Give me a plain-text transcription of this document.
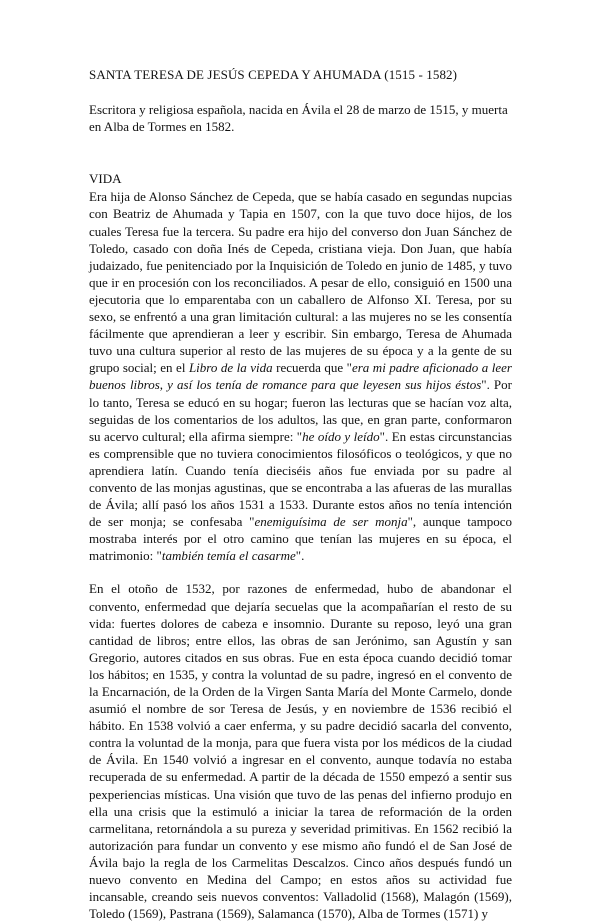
SANTA TERESA DE JESÚS CEPEDA Y AHUMADA (1515 - 1582)

Escritora y religiosa española, nacida en Ávila el 28 de marzo de 1515, y muerta en Alba de Tormes en 1582.

VIDA

Era hija de Alonso Sánchez de Cepeda, que se había casado en segundas nupcias con Beatriz de Ahumada y Tapia en 1507, con la que tuvo doce hijos, de los cuales Teresa fue la tercera. Su padre era hijo del converso don Juan Sánchez de Toledo, casado con doña Inés de Cepeda, cristiana vieja. Don Juan, que había judaizado, fue penitenciado por la Inquisición de Toledo en junio de 1485, y tuvo que ir en procesión con los reconciliados. A pesar de ello, consiguió en 1500 una ejecutoria que lo emparentaba con un caballero de Alfonso XI. Teresa, por su sexo, se enfrentó a una gran limitación cultural: a las mujeres no se les consentía fácilmente que aprendieran a leer y escribir. Sin embargo, Teresa de Ahumada tuvo una cultura superior al resto de las mujeres de su época y a la gente de su grupo social; en el Libro de la vida recuerda que "era mi padre aficionado a leer buenos libros, y así los tenía de romance para que leyesen sus hijos éstos". Por lo tanto, Teresa se educó en su hogar; fueron las lecturas que se hacían voz alta, seguidas de los comentarios de los adultos, las que, en gran parte, conformaron su acervo cultural; ella afirma siempre: "he oído y leído". En estas circunstancias es comprensible que no tuviera conocimientos filosóficos o teológicos, y que no aprendiera latín. Cuando tenía dieciséis años fue enviada por su padre al convento de las monjas agustinas, que se encontraba a las afueras de las murallas de Ávila; allí pasó los años 1531 a 1533. Durante estos años no tenía intención de ser monja; se confesaba "enemiguísima de ser monja", aunque tampoco mostraba interés por el otro camino que tenían las mujeres en su época, el matrimonio: "también temía el casarme".

En el otoño de 1532, por razones de enfermedad, hubo de abandonar el convento, enfermedad que dejaría secuelas que la acompañarían el resto de su vida: fuertes dolores de cabeza e insomnio. Durante su reposo, leyó una gran cantidad de libros; entre ellos, las obras de san Jerónimo, san Agustín y san Gregorio, autores citados en sus obras. Fue en esta época cuando decidió tomar los hábitos; en 1535, y contra la voluntad de su padre, ingresó en el convento de la Encarnación, de la Orden de la Virgen Santa María del Monte Carmelo, donde asumió el nombre de sor Teresa de Jesús, y en noviembre de 1536 recibió el hábito. En 1538 volvió a caer enferma, y su padre decidió sacarla del convento, contra la voluntad de la monja, para que fuera vista por los médicos de la ciudad de Ávila. En 1540 volvió a ingresar en el convento, aunque todavía no estaba recuperada de su enfermedad. A partir de la década de 1550 empezó a sentir sus pexperiencias místicas. Una visión que tuvo de las penas del infierno produjo en ella una crisis que la estimuló a iniciar la tarea de reformación de la orden carmelitana, retornándola a su pureza y severidad primitivas. En 1562 recibió la autorización para fundar un convento y ese mismo año fundó el de San José de Ávila bajo la regla de los Carmelitas Descalzos. Cinco años después fundó un nuevo convento en Medina del Campo; en estos años su actividad fue incansable, creando seis nuevos conventos: Valladolid (1568), Malagón (1569), Toledo (1569), Pastrana (1569), Salamanca (1570), Alba de Tormes (1571) y
